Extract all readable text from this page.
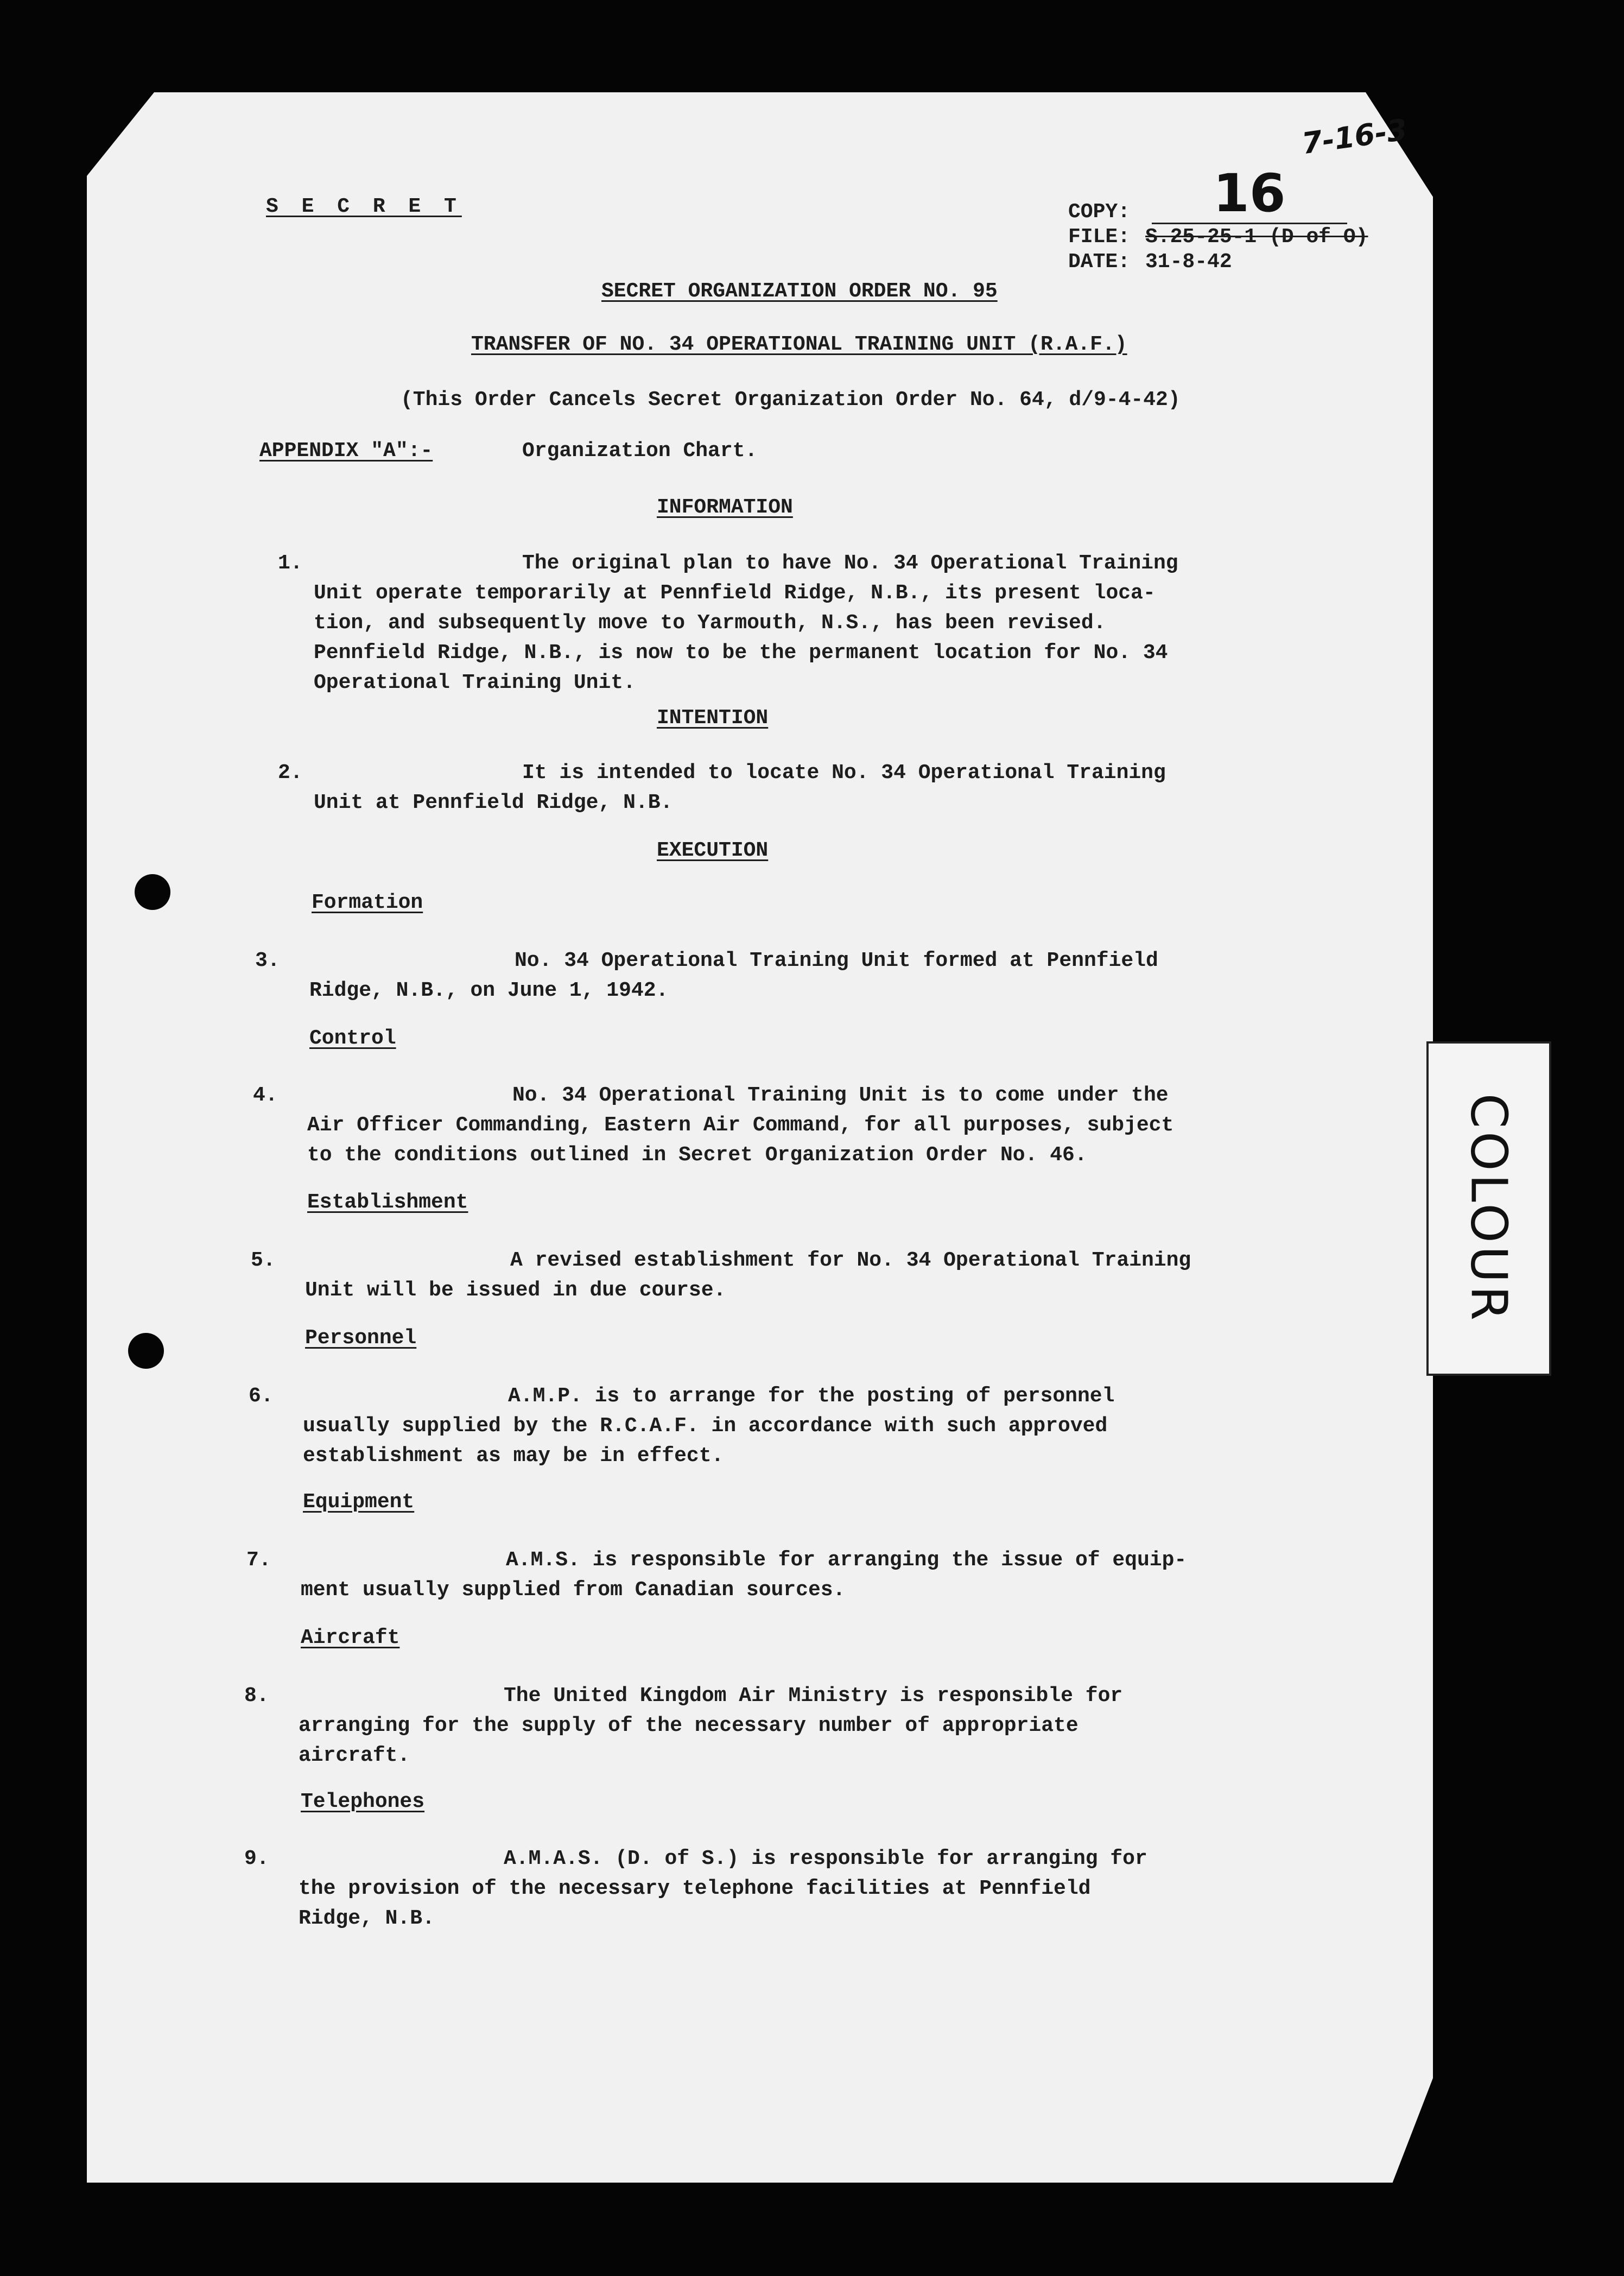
S E C R E T
7-16-3
COPY: 16
FILE: S.25-25-1 (D of O)
DATE: 31-8-42
SECRET ORGANIZATION ORDER NO. 95
TRANSFER OF NO. 34 OPERATIONAL TRAINING UNIT (R.A.F.)
(This Order Cancels Secret Organization Order No. 64, d/9-4-42)
APPENDIX "A":-	Organization Chart.
INFORMATION
1.	The original plan to have No. 34 Operational Training
Unit operate temporarily at Pennfield Ridge, N.B., its present loca-
tion, and subsequently move to Yarmouth, N.S., has been revised.
Pennfield Ridge, N.B., is now to be the permanent location for No. 34
Operational Training Unit.
INTENTION
2.	It is intended to locate No. 34 Operational Training
Unit at Pennfield Ridge, N.B.
EXECUTION
Formation
3.	No. 34 Operational Training Unit formed at Pennfield
Ridge, N.B., on June 1, 1942.
Control
4.	No. 34 Operational Training Unit is to come under the
Air Officer Commanding, Eastern Air Command, for all purposes, subject
to the conditions outlined in Secret Organization Order No. 46.
Establishment
5.	A revised establishment for No. 34 Operational Training
Unit will be issued in due course.
Personnel
6.	A.M.P. is to arrange for the posting of personnel
usually supplied by the R.C.A.F. in accordance with such approved
establishment as may be in effect.
Equipment
7.	A.M.S. is responsible for arranging the issue of equip-
ment usually supplied from Canadian sources.
Aircraft
8.	The United Kingdom Air Ministry is responsible for
arranging for the supply of the necessary number of appropriate
aircraft.
Telephones
9.	A.M.A.S. (D. of S.) is responsible for arranging for
the provision of the necessary telephone facilities at Pennfield
Ridge, N.B.
COLOUR
